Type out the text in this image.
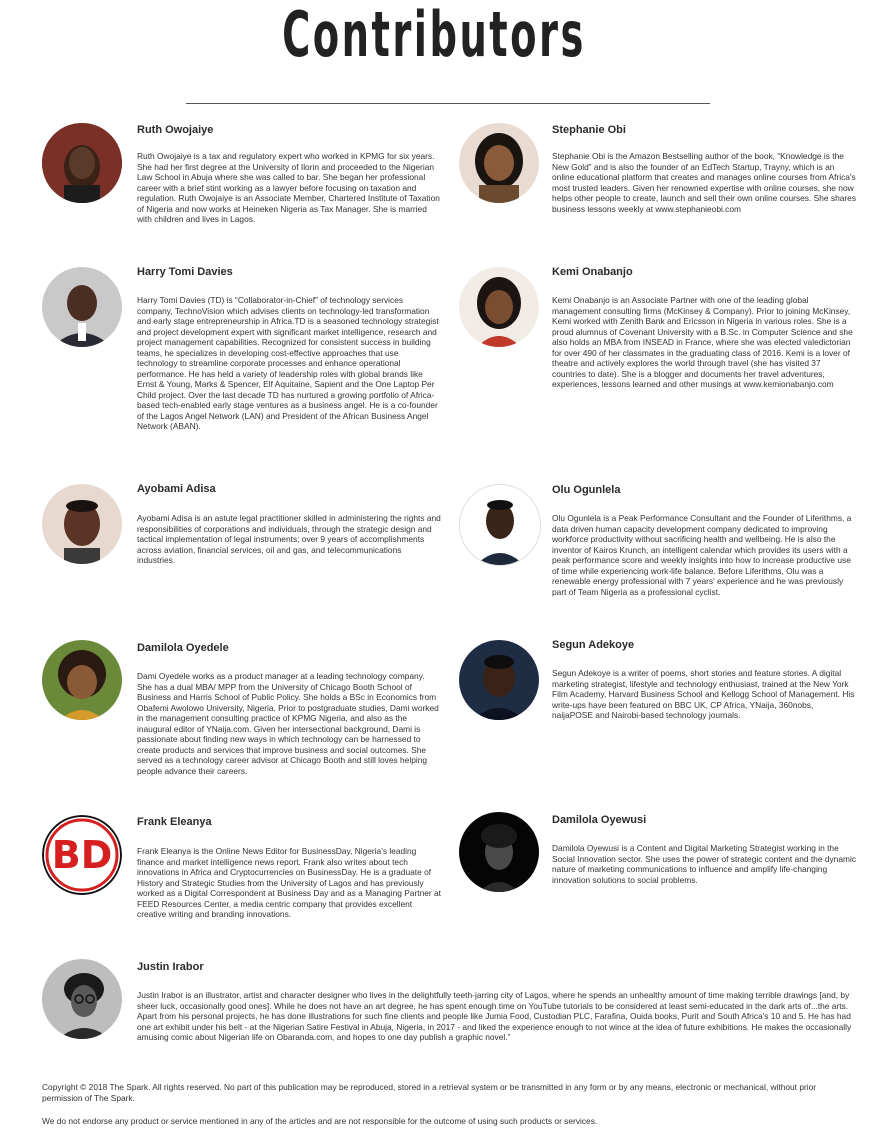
Contributors
Ruth Owojaiye
Ruth Owojaiye is a tax and regulatory expert who worked in KPMG for six years. She had her first degree at the University of Ilorin and proceeded to the Nigerian Law School in Abuja where she was called to bar. She began her professional career with a brief stint working as a lawyer before focusing on taxation and regulation. Ruth Owojaiye is an Associate Member, Chartered Institute of Taxation of Nigeria and now works at Heineken Nigeria as Tax Manager. She is married with children and lives in Lagos.
Stephanie Obi
Stephanie Obi is the Amazon Bestselling author of the book, “Knowledge is the New Gold” and is also the founder of an EdTech Startup, Trayny, which is an online educational platform that creates and manages online courses from Africa's most trusted leaders. Given her renowned expertise with online courses, she now helps other people to create, launch and sell their own online courses. She shares business lessons weekly at www.stephanieobi.com
Harry Tomi Davies
Harry Tomi Davies (TD) is “Collaborator-in-Chief” of technology services company, TechnoVision which advises clients on technology-led transformation and early stage entrepreneurship in Africa.TD is a seasoned technology strategist and project development expert with significant market intelligence, research and project management capabilities. Recognized for consistent success in building teams, he specializes in developing cost-effective approaches that use technology to streamline corporate processes and enhance operational performance. He has held a variety of leadership roles with global brands like Ernst & Young, Marks & Spencer, Elf Aquitaine, Sapient and the One Laptop Per Child project. Over the last decade TD has nurtured a growing portfolio of Africa-based tech-enabled early stage ventures as a business angel. He is a co-founder of the Lagos Angel Network (LAN) and President of the African Business Angel Network (ABAN).
Kemi Onabanjo
Kemi Onabanjo is an Associate Partner with one of the leading global management consulting firms (McKinsey & Company). Prior to joining McKinsey, Kemi worked with Zenith Bank and Ericsson in Nigeria in various roles. She is a proud alumnus of Covenant University with a B.Sc. in Computer Science and she also holds an MBA from INSEAD in France, where she was elected valedictorian for over 490 of her classmates in the graduating class of 2016. Kemi is a lover of theatre and actively explores the world through travel (she has visited 37 countries to date). She is a blogger and documents her travel adventures, experiences, lessons learned and other musings at www.kemionabanjo.com
Ayobami Adisa
Ayobami Adisa is an astute legal practitioner skilled in administering the rights and responsibilities of corporations and individuals, through the strategic design and tactical implementation of legal instruments; over 9 years of accomplishments across aviation, financial services, oil and gas, and telecommunications industries.
Olu Ogunlela
Olu Ogunlela is a Peak Performance Consultant and the Founder of Liferithms, a data driven human capacity development company dedicated to improving workforce productivity without sacrificing health and wellbeing. He is also the inventor of Kairos Krunch, an intelligent calendar which provides its users with a peak performance score and weekly insights into how to increase productive use of time while experiencing work-life balance. Before Liferithms, Olu was a renewable energy professional with 7 years' experience and he was previously part of Team Nigeria as a professional cyclist.
Damilola Oyedele
Dami Oyedele works as a product manager at a leading technology company. She has a dual MBA/ MPP from the University of Chicago Booth School of Business and Harris School of Public Policy. She holds a BSc in Economics from Obafemi Awolowo University, Nigeria. Prior to postgraduate studies, Dami worked in the management consulting practice of KPMG Nigeria, and also as the inaugural editor of YNaija.com. Given her intersectional background, Dami is passionate about finding new ways in which technology can be harnessed to create products and services that improve business and social outcomes. She served as a technology career advisor at Chicago Booth and still loves helping people advance their careers.
Segun Adekoye
Segun Adekoye is a writer of poems, short stories and feature stories. A digital marketing strategist, lifestyle and technology enthusiast, trained at the New York Film Academy, Harvard Business School and Kellogg School of Management. His write-ups have been featured on BBC UK, CP Africa, YNaija, 360nobs, naijaPOSE and Nairobi-based technology journals.
BD
Frank Eleanya
Frank Eleanya is the Online News Editor for BusinessDay, Nigeria's leading finance and market intelligence news report. Frank also writes about tech innovations in Africa and Cryptocurrencies on BusinessDay. He is a graduate of History and Strategic Studies from the University of Lagos and has previously worked as a Digital Correspondent at Business Day and as a Managing Partner at FEED Resources Center, a media centric company that provides excellent creative writing and branding innovations.
Damilola Oyewusi
Damilola Oyewusi is a Content and Digital Marketing Strategist working in the Social Innovation sector. She uses the power of strategic content and the dynamic nature of marketing communications to influence and amplify life-changing innovation solutions to social problems.
Justin Irabor
Justin Irabor is an illustrator, artist and character designer who lives in the delightfully teeth-jarring city of Lagos, where he spends an unhealthy amount of time making terrible drawings [and, by sheer luck, occasionally good ones]. While he does not have an art degree, he has spent enough time on YouTube tutorials to be considered at least semi-educated in the dark arts of...the arts. Apart from his personal projects, he has done illustrations for such fine clients and people like Jumia Food, Custodian PLC, Farafina, Ouida books, Purit and South Africa's 10 and 5. He has had one art exhibit under his belt - at the Nigerian Satire Festival in Abuja, Nigeria, in 2017 - and liked the experience enough to not wince at the idea of future exhibitions. He makes the occasionally amusing comic about Nigerian life on Obaranda.com, and hopes to one day publish a graphic novel.”
Copyright © 2018 The Spark. All rights reserved. No part of this publication may be reproduced, stored in a retrieval system or be transmitted in any form or by any means, electronic or mechanical, without prior permission of The Spark.
We do not endorse any product or service mentioned in any of the articles and are not responsible for the outcome of using such products or services.
